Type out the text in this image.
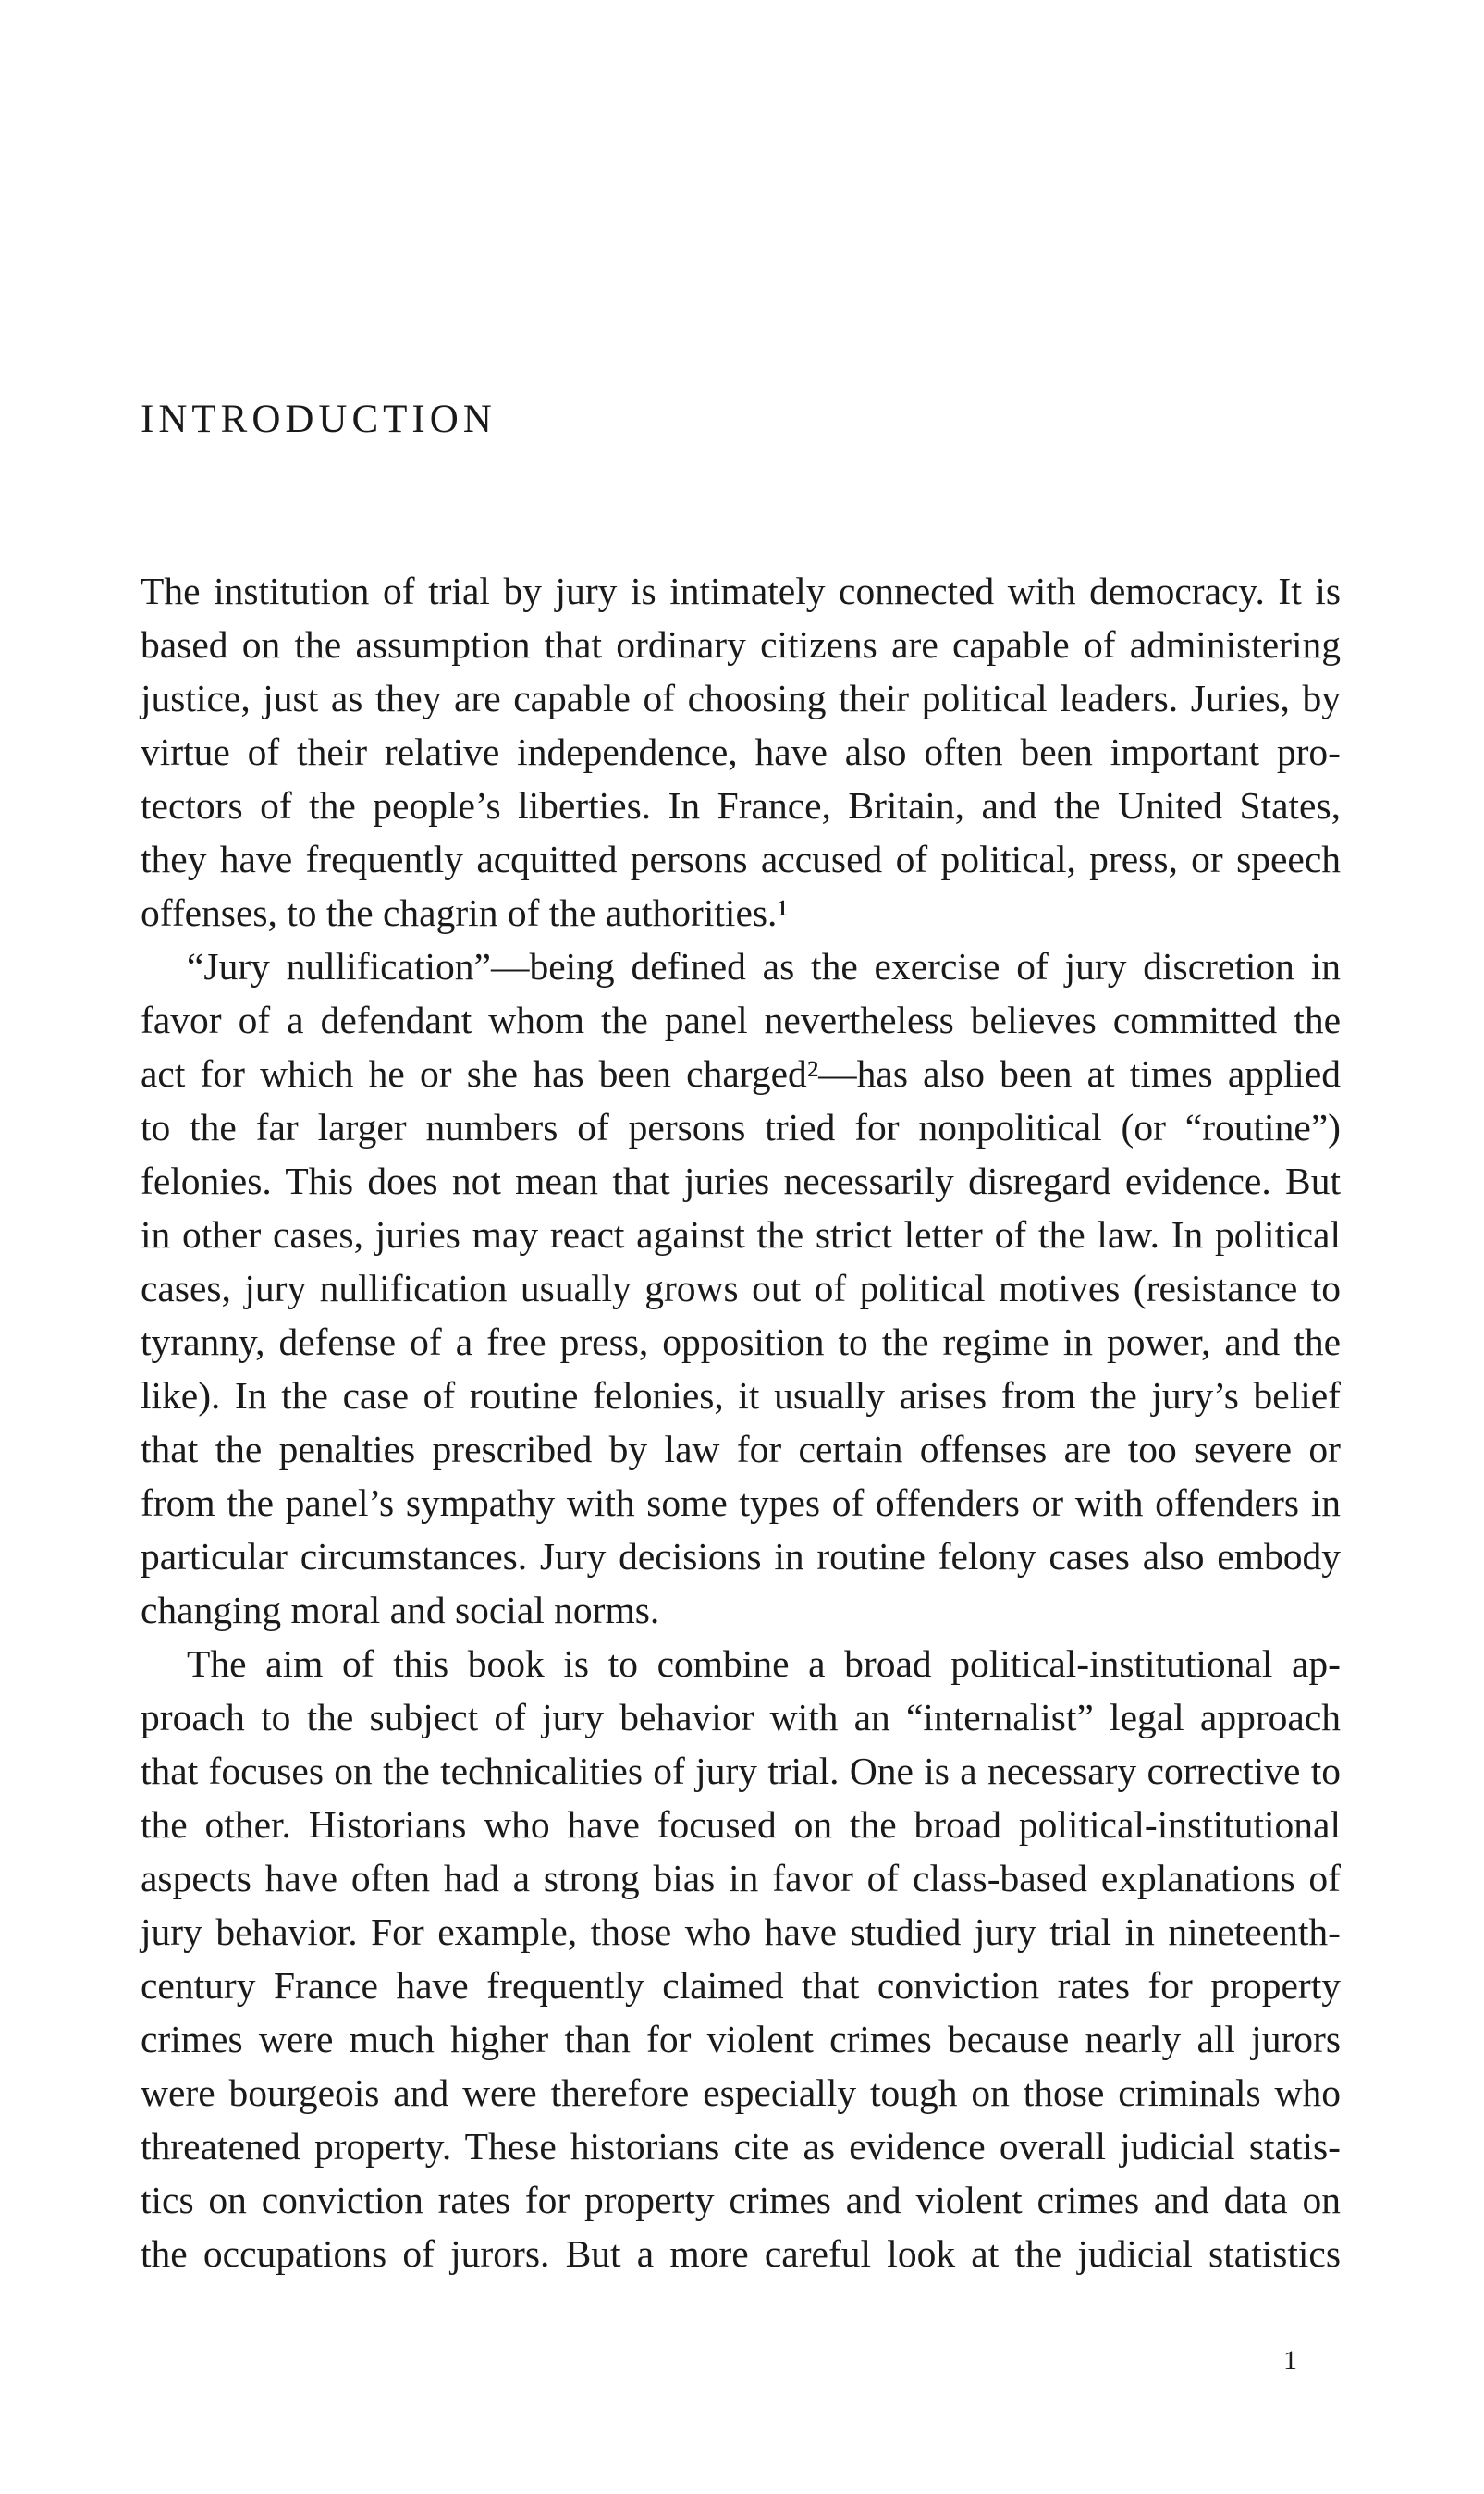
INTRODUCTION
The institution of trial by jury is intimately connected with democracy. It is
based on the assumption that ordinary citizens are capable of administering
justice, just as they are capable of choosing their political leaders. Juries, by
virtue of their relative independence, have also often been important pro-
tectors of the people’s liberties. In France, Britain, and the United States,
they have frequently acquitted persons accused of political, press, or speech
offenses, to the chagrin of the authorities.¹
“Jury nullification”—being defined as the exercise of jury discretion in
favor of a defendant whom the panel nevertheless believes committed the
act for which he or she has been charged²—has also been at times applied
to the far larger numbers of persons tried for nonpolitical (or “routine”)
felonies. This does not mean that juries necessarily disregard evidence. But
in other cases, juries may react against the strict letter of the law. In political
cases, jury nullification usually grows out of political motives (resistance to
tyranny, defense of a free press, opposition to the regime in power, and the
like). In the case of routine felonies, it usually arises from the jury’s belief
that the penalties prescribed by law for certain offenses are too severe or
from the panel’s sympathy with some types of offenders or with offenders in
particular circumstances. Jury decisions in routine felony cases also embody
changing moral and social norms.
The aim of this book is to combine a broad political-institutional ap-
proach to the subject of jury behavior with an “internalist” legal approach
that focuses on the technicalities of jury trial. One is a necessary corrective to
the other. Historians who have focused on the broad political-institutional
aspects have often had a strong bias in favor of class-based explanations of
jury behavior. For example, those who have studied jury trial in nineteenth-
century France have frequently claimed that conviction rates for property
crimes were much higher than for violent crimes because nearly all jurors
were bourgeois and were therefore especially tough on those criminals who
threatened property. These historians cite as evidence overall judicial statis-
tics on conviction rates for property crimes and violent crimes and data on
the occupations of jurors. But a more careful look at the judicial statistics
1
